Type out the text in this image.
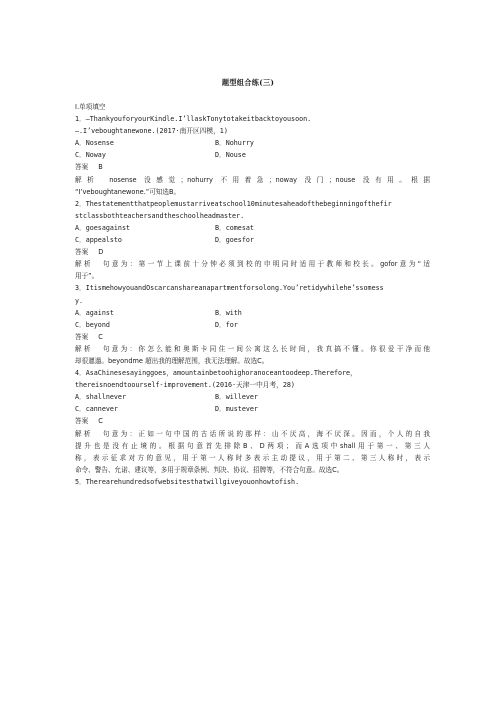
题型组合练(三)
Ⅰ.单项填空
1．—ThankyouforyourKindle.I’llaskTonytotakeitbacktoyousoon.
—.I’veboughtanewone.(2017·南开区四模，1)
A．Nosense	B．Nohurry
C．Noway	D．Nouse
答案 B
解析 nosense 没感觉；nohurry 不用着急；noway 没门；nouse 没有用。根据
“I’veboughtanewone.”可知选B。
2．Thestatementthatpeoplemustarriveatschool10minutesaheadofthebeginningofthefir
stclassbothteachersandtheschoolheadmaster.
A．goesagainst	B．comesat
C．appealsto	D．goesfor
答案 D
解析 句意为：第一节上课前十分钟必须到校的申明同时适用于教师和校长。gofor意为“适
用于”。
3．ItismehowyouandOscarcanshareanapartmentforsolong.You’retidywhilehe’ssomess
y.
A．against	B．with
C．beyond	D．for
答案 C
解析 句意为：你怎么能和奥斯卡同住一间公寓这么长时间，我真搞不懂。你很爱干净而他
却很邋遢。beyondme 超出我的理解范围，我无法理解。故选C。
4．AsaChinesesayinggoes，amountainbetoohighoranoceantoodeep.Therefore，
thereisnoendtoourself-improvement.(2016·天津一中月考，28)
A．shallnever	B．willever
C．cannever	D．mustever
答案 C
解析 句意为：正如一句中国的古话所说的那样：山不厌高，海不厌深。因而，个人的自我
提升也是没有止境的。根据句意首先排除B、D两项；而A选项中shall用于第一、第三人
称，表示征求对方的意见，用于第一人称时多表示主动提议，用于第二、第三人称时，表示
命令、警告、允诺、建议等，多用于规章条例、判决、协议、招牌等，不符合句意。故选C。
5．Therearehundredsofwebsitesthatwillgiveyouonhowtofish.
